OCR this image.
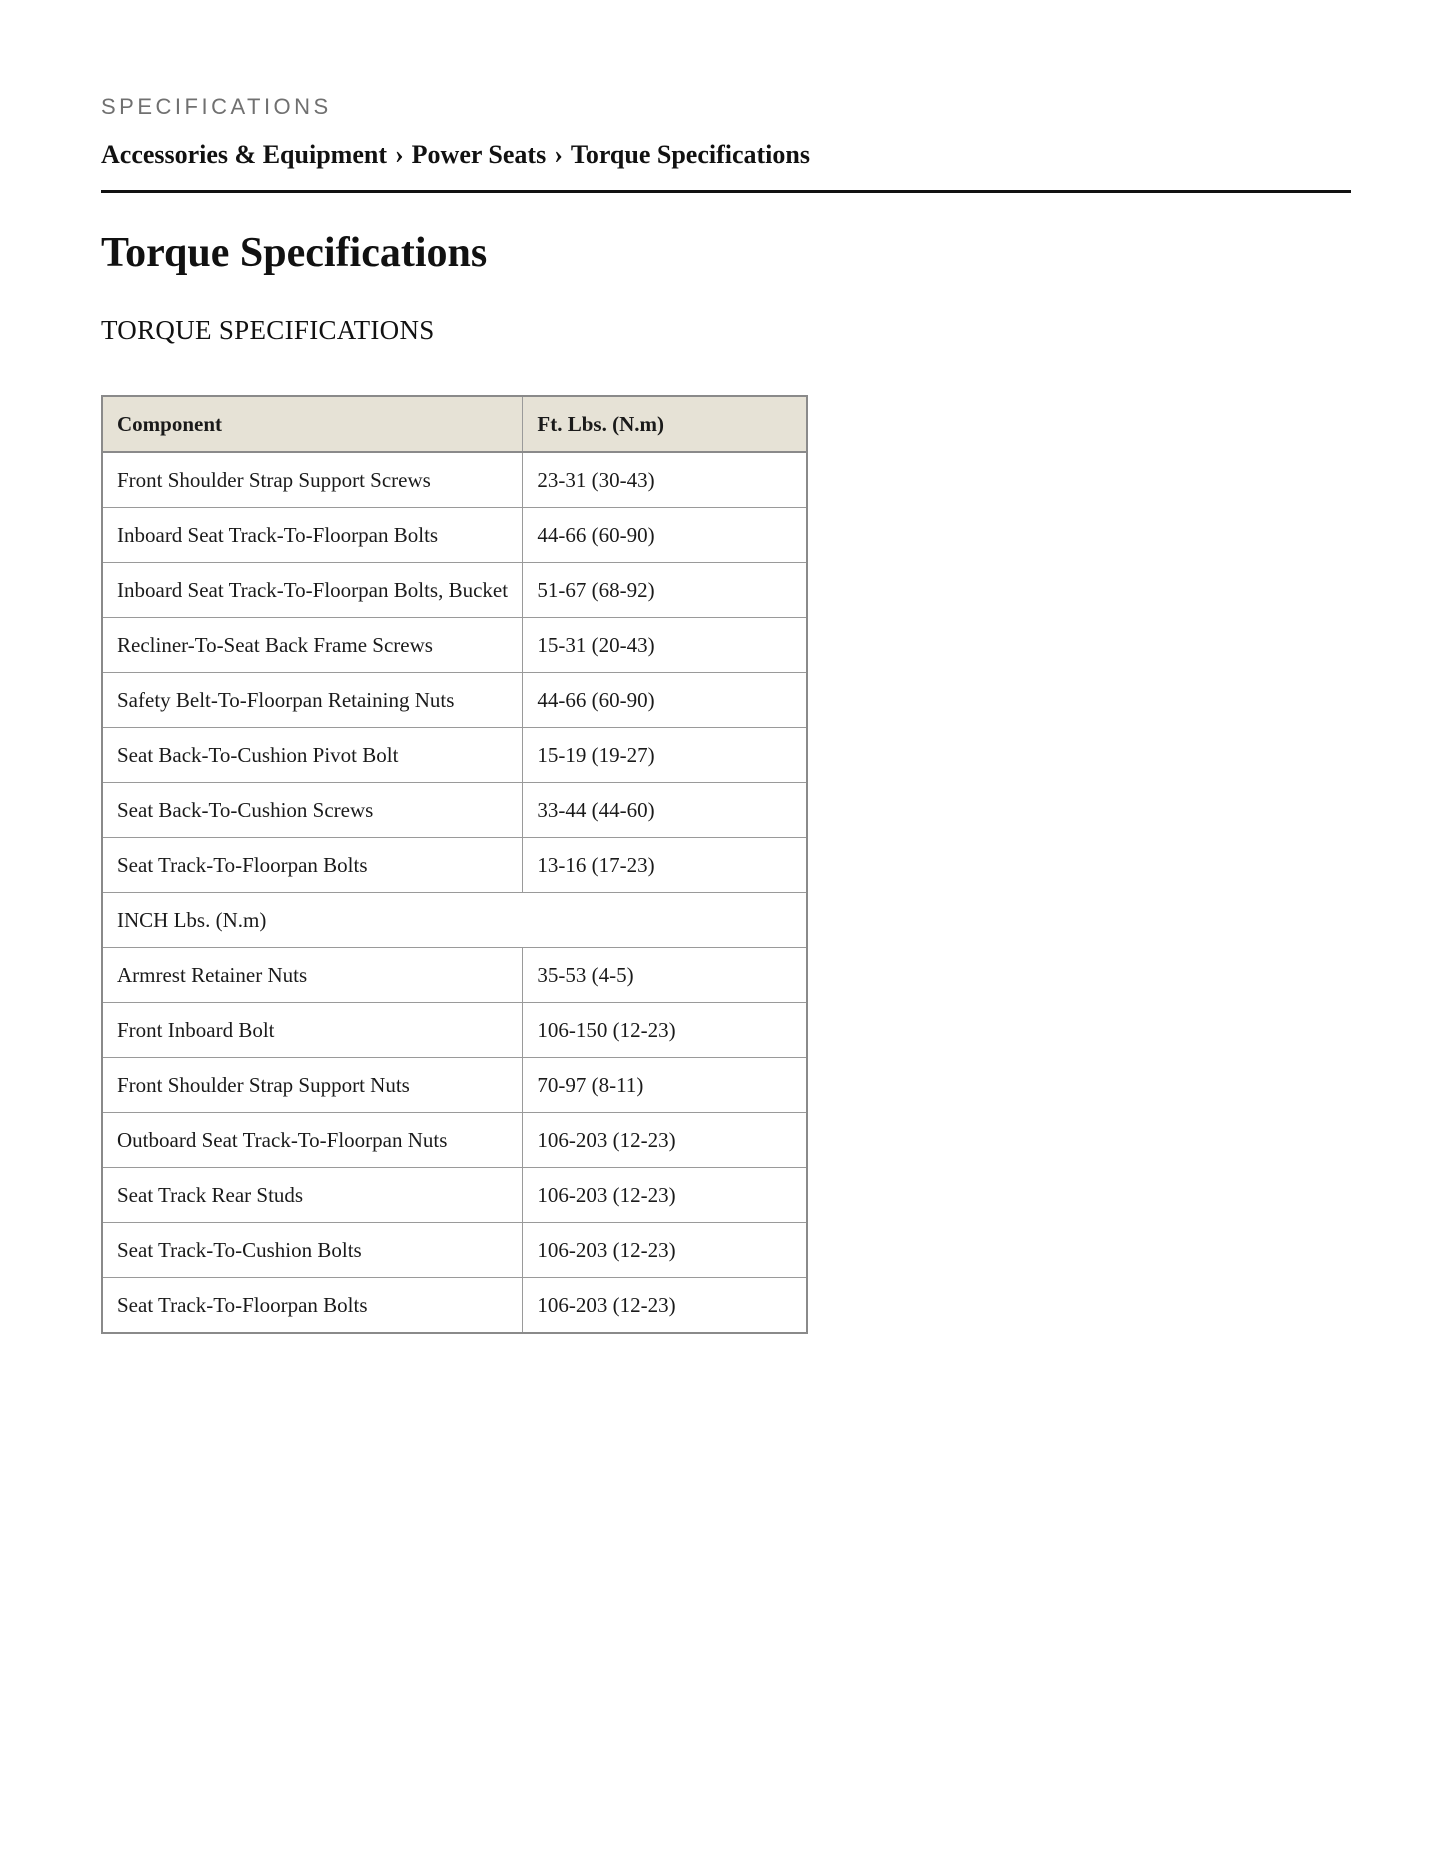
SPECIFICATIONS
Accessories & Equipment › Power Seats › Torque Specifications
Torque Specifications
TORQUE SPECIFICATIONS
Component	Ft. Lbs. (N.m)
Front Shoulder Strap Support Screws	23-31 (30-43)
Inboard Seat Track-To-Floorpan Bolts	44-66 (60-90)
Inboard Seat Track-To-Floorpan Bolts, Bucket	51-67 (68-92)
Recliner-To-Seat Back Frame Screws	15-31 (20-43)
Safety Belt-To-Floorpan Retaining Nuts	44-66 (60-90)
Seat Back-To-Cushion Pivot Bolt	15-19 (19-27)
Seat Back-To-Cushion Screws	33-44 (44-60)
Seat Track-To-Floorpan Bolts	13-16 (17-23)
INCH Lbs. (N.m)	
Armrest Retainer Nuts	35-53 (4-5)
Front Inboard Bolt	106-150 (12-23)
Front Shoulder Strap Support Nuts	70-97 (8-11)
Outboard Seat Track-To-Floorpan Nuts	106-203 (12-23)
Seat Track Rear Studs	106-203 (12-23)
Seat Track-To-Cushion Bolts	106-203 (12-23)
Seat Track-To-Floorpan Bolts	106-203 (12-23)
